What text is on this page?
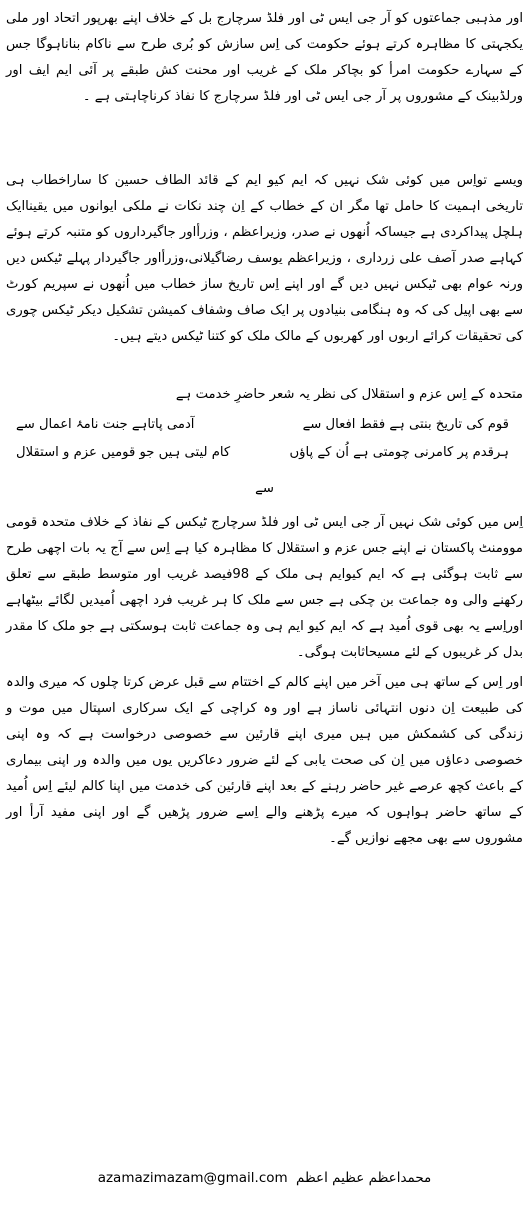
اور مذہبی جماعتوں کو آر جی ایس ٹی اور فلڈ سرچارج بل کے خلاف اپنے بھرپور اتحاد اور ملی یکجہتی کا مظاہرہ کرتے ہوئے حکومت کی اِس سازش کو بُری طرح سے ناکام بناناہوگا جس کے سہارے حکومت امرأ کو بچاکر ملک کے غریب اور محنت کش طبقے پر آئی ایم ایف اور ورلڈبینک کے مشوروں پر آر جی ایس ٹی اور فلڈ سرچارج کا نفاذ کرناچاہتی ہے ۔

ویسے تواِس میں کوئی شک نہیں کہ ایم کیو ایم کے قائد الطاف حسین کا ساراخطاب ہی تاریخی اہمیت کا حامل تھا مگر ان کے خطاب کے اِن چند نکات نے ملکی ایوانوں میں یقیناایک ہلچل پیداکردی ہے جیساکہ اُنھوں نے صدر، وزیراعظم ، وزرأاور جاگیرداروں کو متنبہ کرتے ہوئے کہاہے صدر آصف علی زرداری ، وزیراعظم یوسف رضاگیلانی،وزرأاور جاگیردار پہلے ٹیکس دیں ورنہ عوام بھی ٹیکس نہیں دیں گے اور اپنے اِس تاریخ ساز خطاب میں اُنھوں نے سپریم کورٹ سے بھی اپیل کی کہ وہ ہنگامی بنیادوں پر ایک صاف وشفاف کمیشن تشکیل دیکر ٹیکس چوری کی تحقیقات کرائے اربوں اور کھربوں کے مالک ملک کو کتنا ٹیکس دیتے ہیں۔

متحدہ کے اِس عزم و استقلال کی نظر یہ شعر حاضرِ خدمت ہے
قوم کی تاریخ بنتی ہے فقط افعال سے
آدمی پاتاہے جنت نامۂ اعمال سے
ہرقدم پر کامرنی چومتی ہے اُن کے پاؤں
کام لیتی ہیں جو قومیں عزم و استقلال
سے

اِس میں کوئی شک نہیں آر جی ایس ٹی اور فلڈ سرچارج ٹیکس کے نفاذ کے خلاف متحدہ قومی موومنٹ پاکستان نے اپنے جس عزم و استقلال کا مظاہرہ کیا ہے اِس سے آج یہ بات اچھی طرح سے ثابت ہوگئی ہے کہ ایم کیوایم ہی ملک کے 98فیصد غریب اور متوسط طبقے سے تعلق رکھنے والی وہ جماعت بن چکی ہے جس سے ملک کا ہر غریب فرد اچھی اُمیدیں لگائے بیٹھاہے اوراِسے یہ بھی قوی اُمید ہے کہ ایم کیو ایم ہی وہ جماعت ثابت ہوسکتی ہے جو ملک کا مقدر بدل کر غریبوں کے لئے مسیحاثابت ہوگی۔

اور اِس کے ساتھ ہی میں آخر میں اپنے کالم کے اختتام سے قبل عرض کرتا چلوں کہ میری والدہ کی طبیعت اِن دنوں انتہائی ناساز ہے اور وہ کراچی کے ایک سرکاری اسپتال میں موت و زندگی کی کشمکش میں ہیں میری اپنے قارئین سے خصوصی درخواست ہے کہ وہ اپنی خصوصی دعاؤں میں اِن کی صحت یابی کے لئے ضرور دعاکریں یوں میں والدہ ور اپنی بیماری کے باعث کچھ عرصے غیر حاضر رہنے کے بعد اپنے قارئین کی خدمت میں اپنا کالم لیئے اِس اُمید کے ساتھ حاضر ہواہوں کہ میرے پڑھنے والے اِسے ضرور پڑھیں گے اور اپنی مفید آرأ اور مشوروں سے بھی مجھے نوازیں گے۔

azamazimazam@gmail.com محمداعظم عظیم اعظم
